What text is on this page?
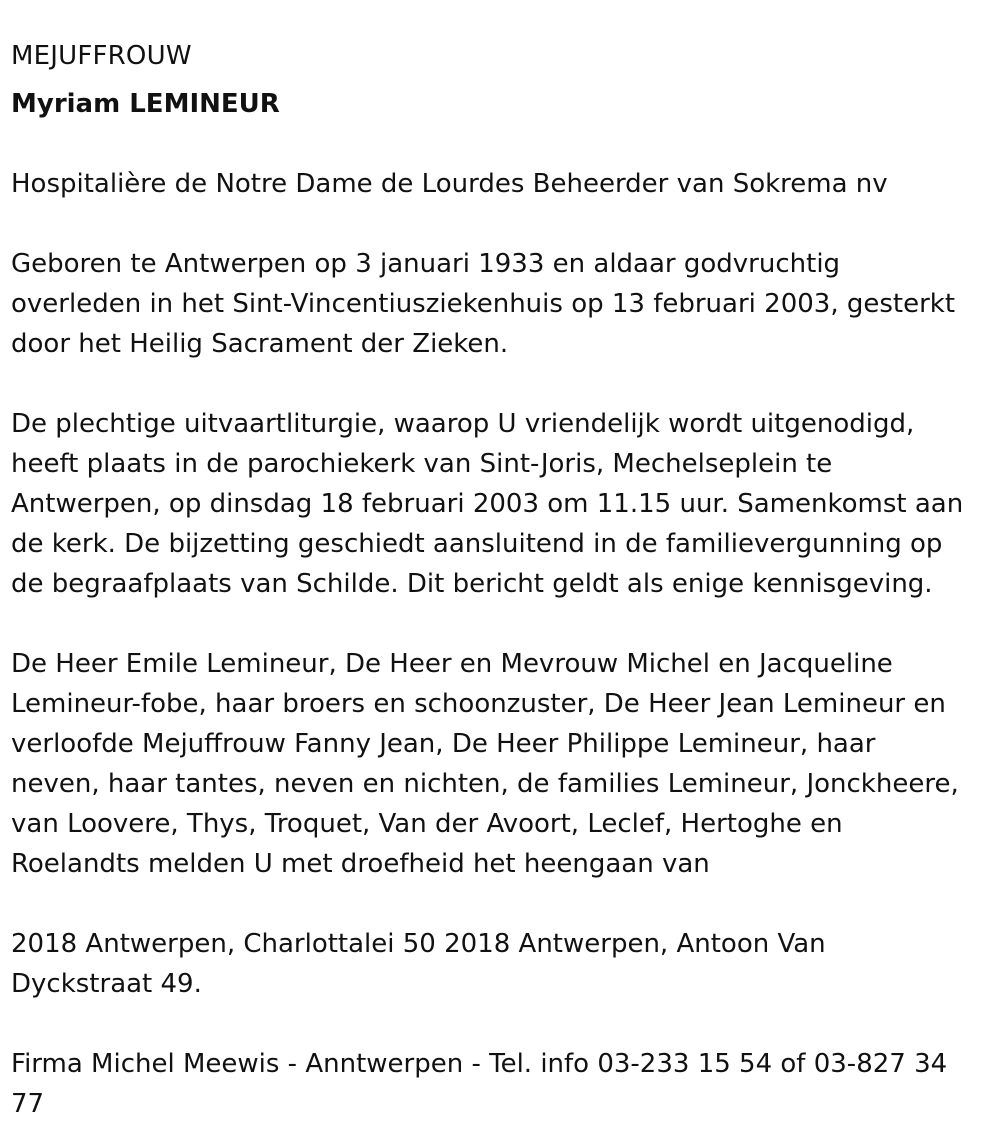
MEJUFFROUW

Myriam LEMINEUR

Hospitalière de Notre Dame de Lourdes Beheerder van Sokrema nv

Geboren te Antwerpen op 3 januari 1933 en aldaar godvruchtig

overleden in het Sint-Vincentiusziekenhuis op 13 februari 2003, gesterkt

door het Heilig Sacrament der Zieken.

De plechtige uitvaartliturgie, waarop U vriendelijk wordt uitgenodigd,

heeft plaats in de parochiekerk van Sint-Joris, Mechelseplein te

Antwerpen, op dinsdag 18 februari 2003 om 11.15 uur. Samenkomst aan

de kerk. De bijzetting geschiedt aansluitend in de familievergunning op

de begraafplaats van Schilde. Dit bericht geldt als enige kennisgeving.

De Heer Emile Lemineur, De Heer en Mevrouw Michel en Jacqueline

Lemineur-fobe, haar broers en schoonzuster, De Heer Jean Lemineur en

verloofde Mejuffrouw Fanny Jean, De Heer Philippe Lemineur, haar

neven, haar tantes, neven en nichten, de families Lemineur, Jonckheere,

van Loovere, Thys, Troquet, Van der Avoort, Leclef, Hertoghe en

Roelandts melden U met droefheid het heengaan van

2018 Antwerpen, Charlottalei 50 2018 Antwerpen, Antoon Van

Dyckstraat 49.

Firma Michel Meewis - Anntwerpen - Tel. info 03-233 15 54 of 03-827 34

77
